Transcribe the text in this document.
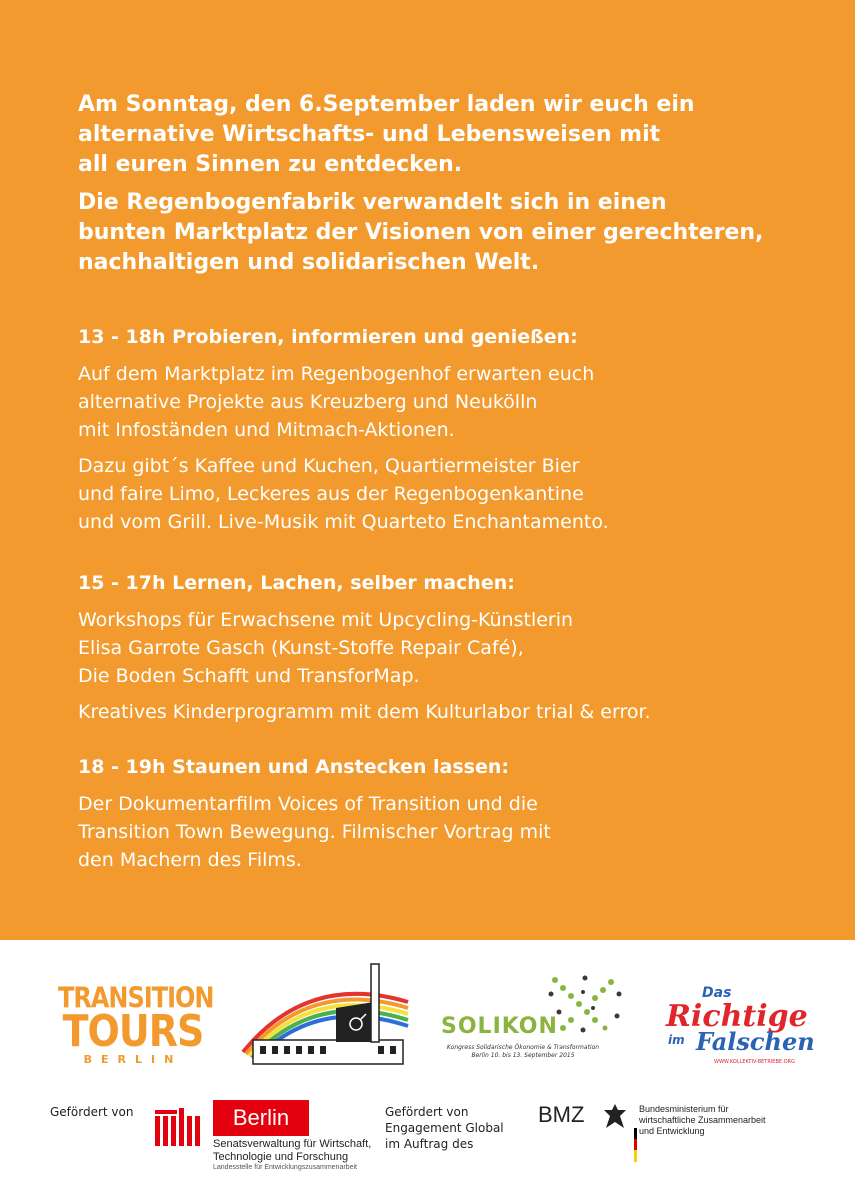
Am Sonntag, den 6.September laden wir euch ein
alternative Wirtschafts- und Lebensweisen mit
all euren Sinnen zu entdecken.

Die Regenbogenfabrik verwandelt sich in einen
bunten Marktplatz der Visionen von einer gerechteren,
nachhaltigen und solidarischen Welt.

13 - 18h Probieren, informieren und genießen:

Auf dem Marktplatz im Regenbogenhof erwarten euch
alternative Projekte aus Kreuzberg und Neukölln
mit Infoständen und Mitmach-Aktionen.

Dazu gibt´s Kaffee und Kuchen, Quartiermeister Bier
und faire Limo, Leckeres aus der Regenbogenkantine
und vom Grill. Live-Musik mit Quarteto Enchantamento.

15 - 17h Lernen, Lachen, selber machen:

Workshops für Erwachsene mit Upcycling-Künstlerin
Elisa Garrote Gasch (Kunst-Stoffe Repair Café),
Die Boden Schafft und TransforMap.

Kreatives Kinderprogramm mit dem Kulturlabor trial & error.

18 - 19h Staunen und Anstecken lassen:

Der Dokumentarfilm Voices of Transition und die
Transition Town Bewegung. Filmischer Vortrag mit
den Machern des Films.

TRANSITION
TOURS
BERLIN
SOLIKON
Kongress Solidarische Ökonomie & Transformation Berlin 10. bis 13. September 2015
Das
Richtige
im Falschen
WWW.KOLLEKTIV-BETRIEBE.ORG
Gefördert von	Berlin
Senatsverwaltung für Wirtschaft, Technologie und Forschung
Landesstelle für Entwicklungszusammenarbeit
Gefördert von
Engagement Global
im Auftrag des
BMZ	Bundesministerium für
wirtschaftliche Zusammenarbeit
und Entwicklung
